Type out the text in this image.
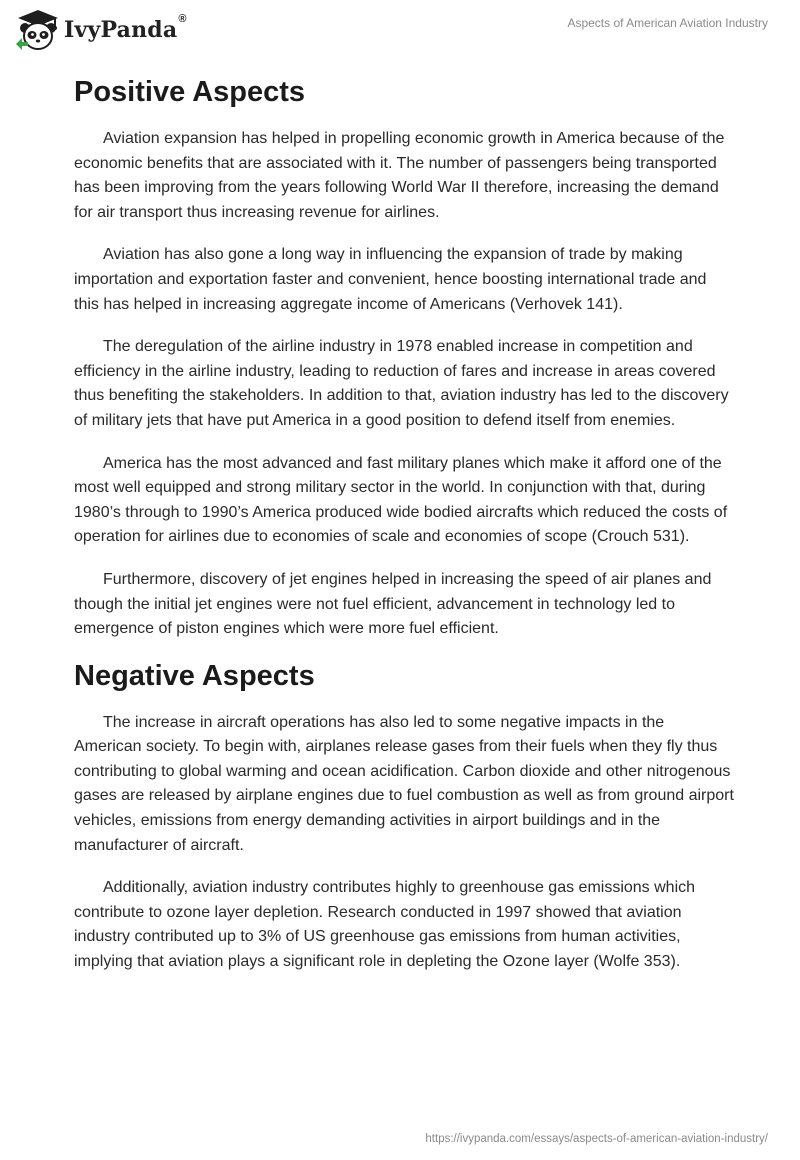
IvyPanda®	Aspects of American Aviation Industry
Positive Aspects

Aviation expansion has helped in propelling economic growth in America because of the economic benefits that are associated with it. The number of passengers being transported has been improving from the years following World War II therefore, increasing the demand for air transport thus increasing revenue for airlines.

Aviation has also gone a long way in influencing the expansion of trade by making importation and exportation faster and convenient, hence boosting international trade and this has helped in increasing aggregate income of Americans (Verhovek 141).

The deregulation of the airline industry in 1978 enabled increase in competition and efficiency in the airline industry, leading to reduction of fares and increase in areas covered thus benefiting the stakeholders. In addition to that, aviation industry has led to the discovery of military jets that have put America in a good position to defend itself from enemies.

America has the most advanced and fast military planes which make it afford one of the most well equipped and strong military sector in the world. In conjunction with that, during 1980’s through to 1990’s America produced wide bodied aircrafts which reduced the costs of operation for airlines due to economies of scale and economies of scope (Crouch 531).

Furthermore, discovery of jet engines helped in increasing the speed of air planes and though the initial jet engines were not fuel efficient, advancement in technology led to emergence of piston engines which were more fuel efficient.

Negative Aspects

The increase in aircraft operations has also led to some negative impacts in the American society. To begin with, airplanes release gases from their fuels when they fly thus contributing to global warming and ocean acidification. Carbon dioxide and other nitrogenous gases are released by airplane engines due to fuel combustion as well as from ground airport vehicles, emissions from energy demanding activities in airport buildings and in the manufacturer of aircraft.

Additionally, aviation industry contributes highly to greenhouse gas emissions which contribute to ozone layer depletion. Research conducted in 1997 showed that aviation industry contributed up to 3% of US greenhouse gas emissions from human activities, implying that aviation plays a significant role in depleting the Ozone layer (Wolfe 353).

https://ivypanda.com/essays/aspects-of-american-aviation-industry/
